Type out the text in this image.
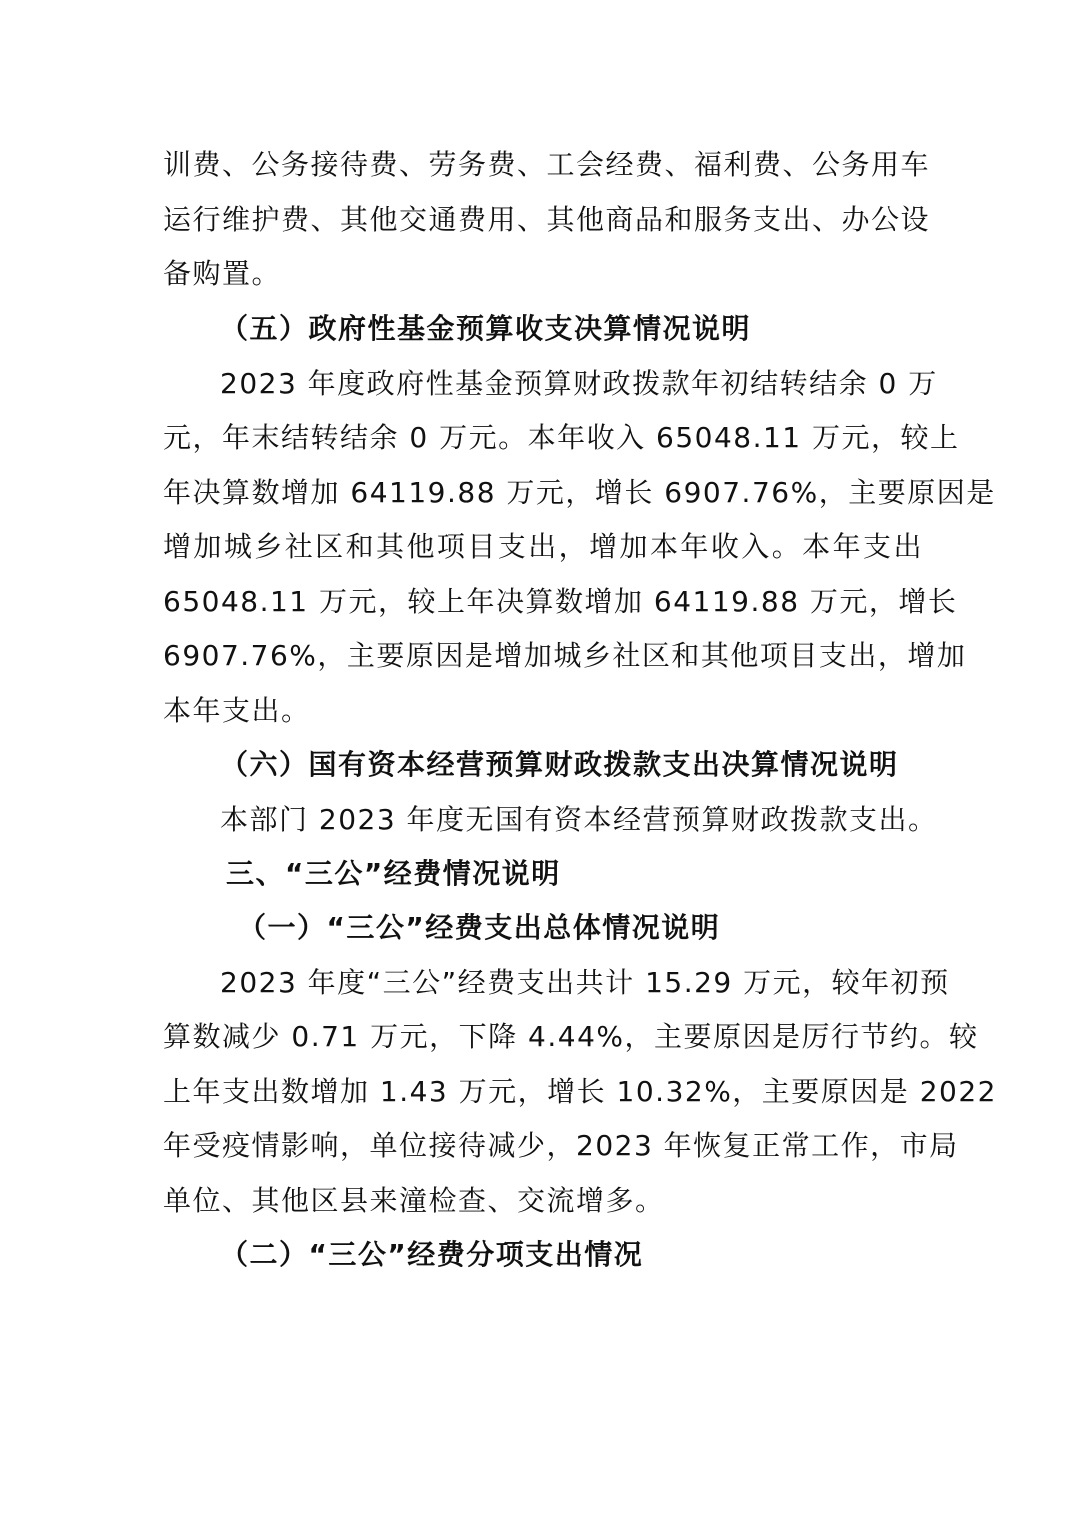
训费、公务接待费、劳务费、工会经费、福利费、公务用车
运行维护费、其他交通费用、其他商品和服务支出、办公设
备购置。
（五）政府性基金预算收支决算情况说明
2023 年度政府性基金预算财政拨款年初结转结余 0 万
元，年末结转结余 0 万元。本年收入 65048.11 万元，较上
年决算数增加 64119.88 万元，增长 6907.76%，主要原因是
增加城乡社区和其他项目支出，增加本年收入。本年支出
65048.11 万元，较上年决算数增加 64119.88 万元，增长
6907.76%，主要原因是增加城乡社区和其他项目支出，增加
本年支出。
（六）国有资本经营预算财政拨款支出决算情况说明
本部门 2023 年度无国有资本经营预算财政拨款支出。
三、“三公”经费情况说明
（一）“三公”经费支出总体情况说明
2023 年度“三公”经费支出共计 15.29 万元，较年初预
算数减少 0.71 万元，下降 4.44%，主要原因是厉行节约。较
上年支出数增加 1.43 万元，增长 10.32%，主要原因是 2022
年受疫情影响，单位接待减少，2023 年恢复正常工作，市局
单位、其他区县来潼检查、交流增多。
（二）“三公”经费分项支出情况
